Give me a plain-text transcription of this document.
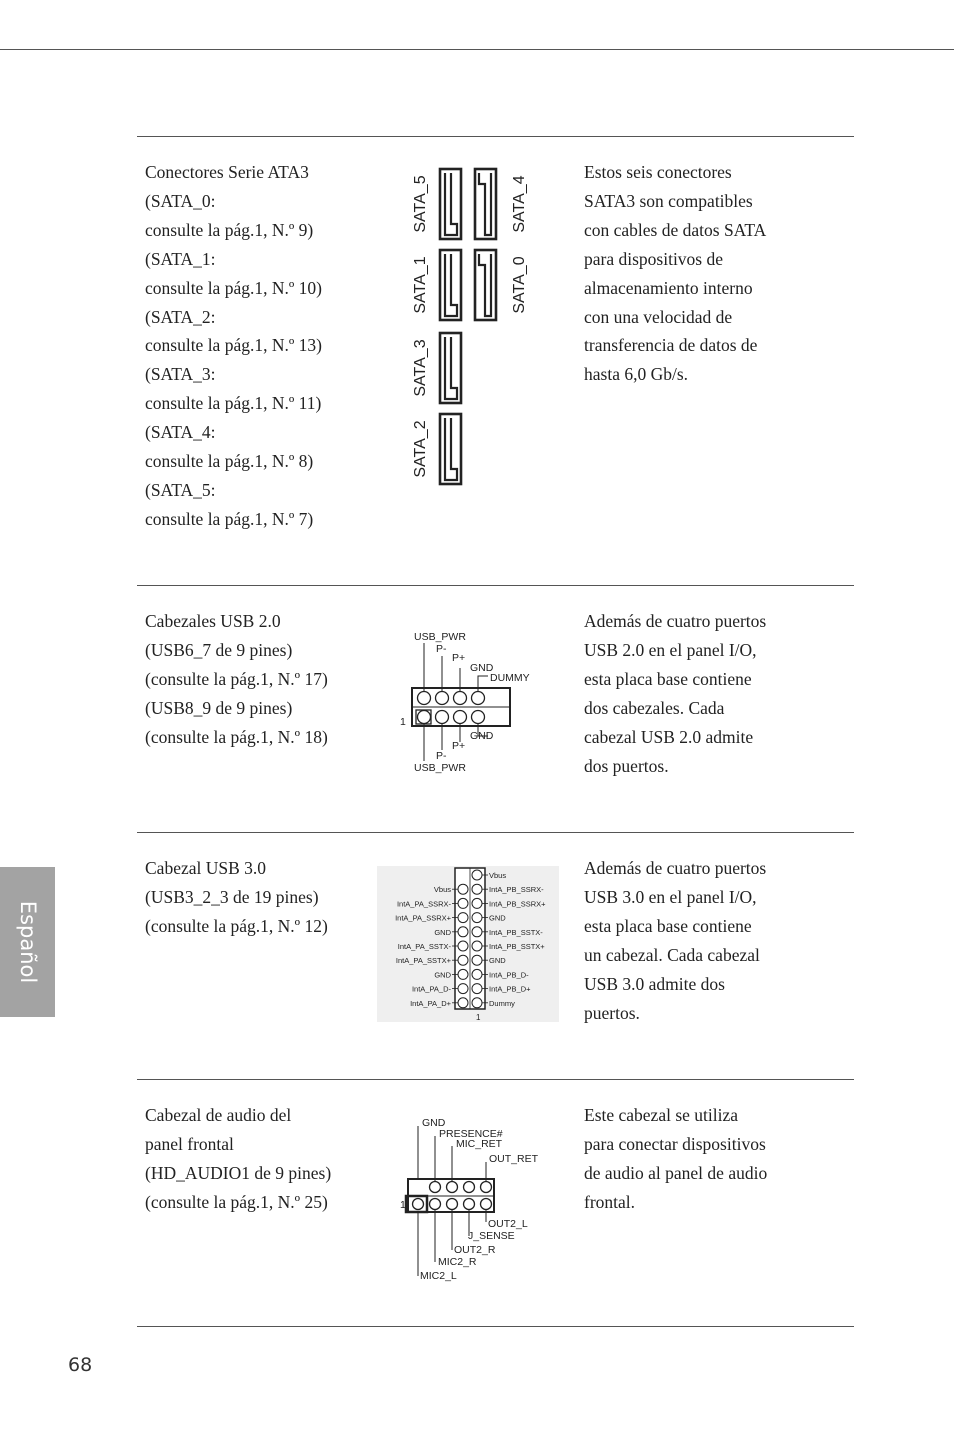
Conectores Serie ATA3
(SATA_0:
consulte la pág.1, N.º 9)
(SATA_1:
consulte la pág.1, N.º 10)
(SATA_2:
consulte la pág.1, N.º 13)
(SATA_3:
consulte la pág.1, N.º 11)
(SATA_4:
consulte la pág.1, N.º 8)
(SATA_5:
consulte la pág.1, N.º 7)
SATA_5	SATA_4
SATA_1	SATA_0
SATA_3
SATA_2
Estos seis conectores
SATA3 son compatibles
con cables de datos SATA
para dispositivos de
almacenamiento interno
con una velocidad de
transferencia de datos de
hasta 6,0 Gb/s.
Cabezales USB 2.0
(USB6_7 de 9 pines)
(consulte la pág.1, N.º 17)
(USB8_9 de 9 pines)
(consulte la pág.1, N.º 18)
USB_PWR
P-
P+
GND
DUMMY
1
GND
P+
P-
USB_PWR
Además de cuatro puertos
USB 2.0 en el panel I/O,
esta placa base contiene
dos cabezales. Cada
cabezal USB 2.0 admite
dos puertos.
Cabezal USB 3.0
(USB3_2_3 de 19 pines)
(consulte la pág.1, N.º 12)
Vbus
IntA_PB_SSRX-
Vbus
IntA_PB_SSRX+
IntA_PA_SSRX-
GND
IntA_PA_SSRX+
IntA_PB_SSTX-
GND
IntA_PB_SSTX+
IntA_PA_SSTX-
GND
IntA_PA_SSTX+
IntA_PB_D-
GND
IntA_PB_D+
IntA_PA_D-
Dummy
IntA_PA_D+
1
Además de cuatro puertos
USB 3.0 en el panel I/O,
esta placa base contiene
un cabezal. Cada cabezal
USB 3.0 admite dos
puertos.
Cabezal de audio del
panel frontal
(HD_AUDIO1 de 9 pines)
(consulte la pág.1, N.º 25)
GND
PRESENCE#
MIC_RET
OUT_RET
1
OUT2_L
J_SENSE
OUT2_R
MIC2_R
MIC2_L
Este cabezal se utiliza
para conectar dispositivos
de audio al panel de audio
frontal.
Español
68
